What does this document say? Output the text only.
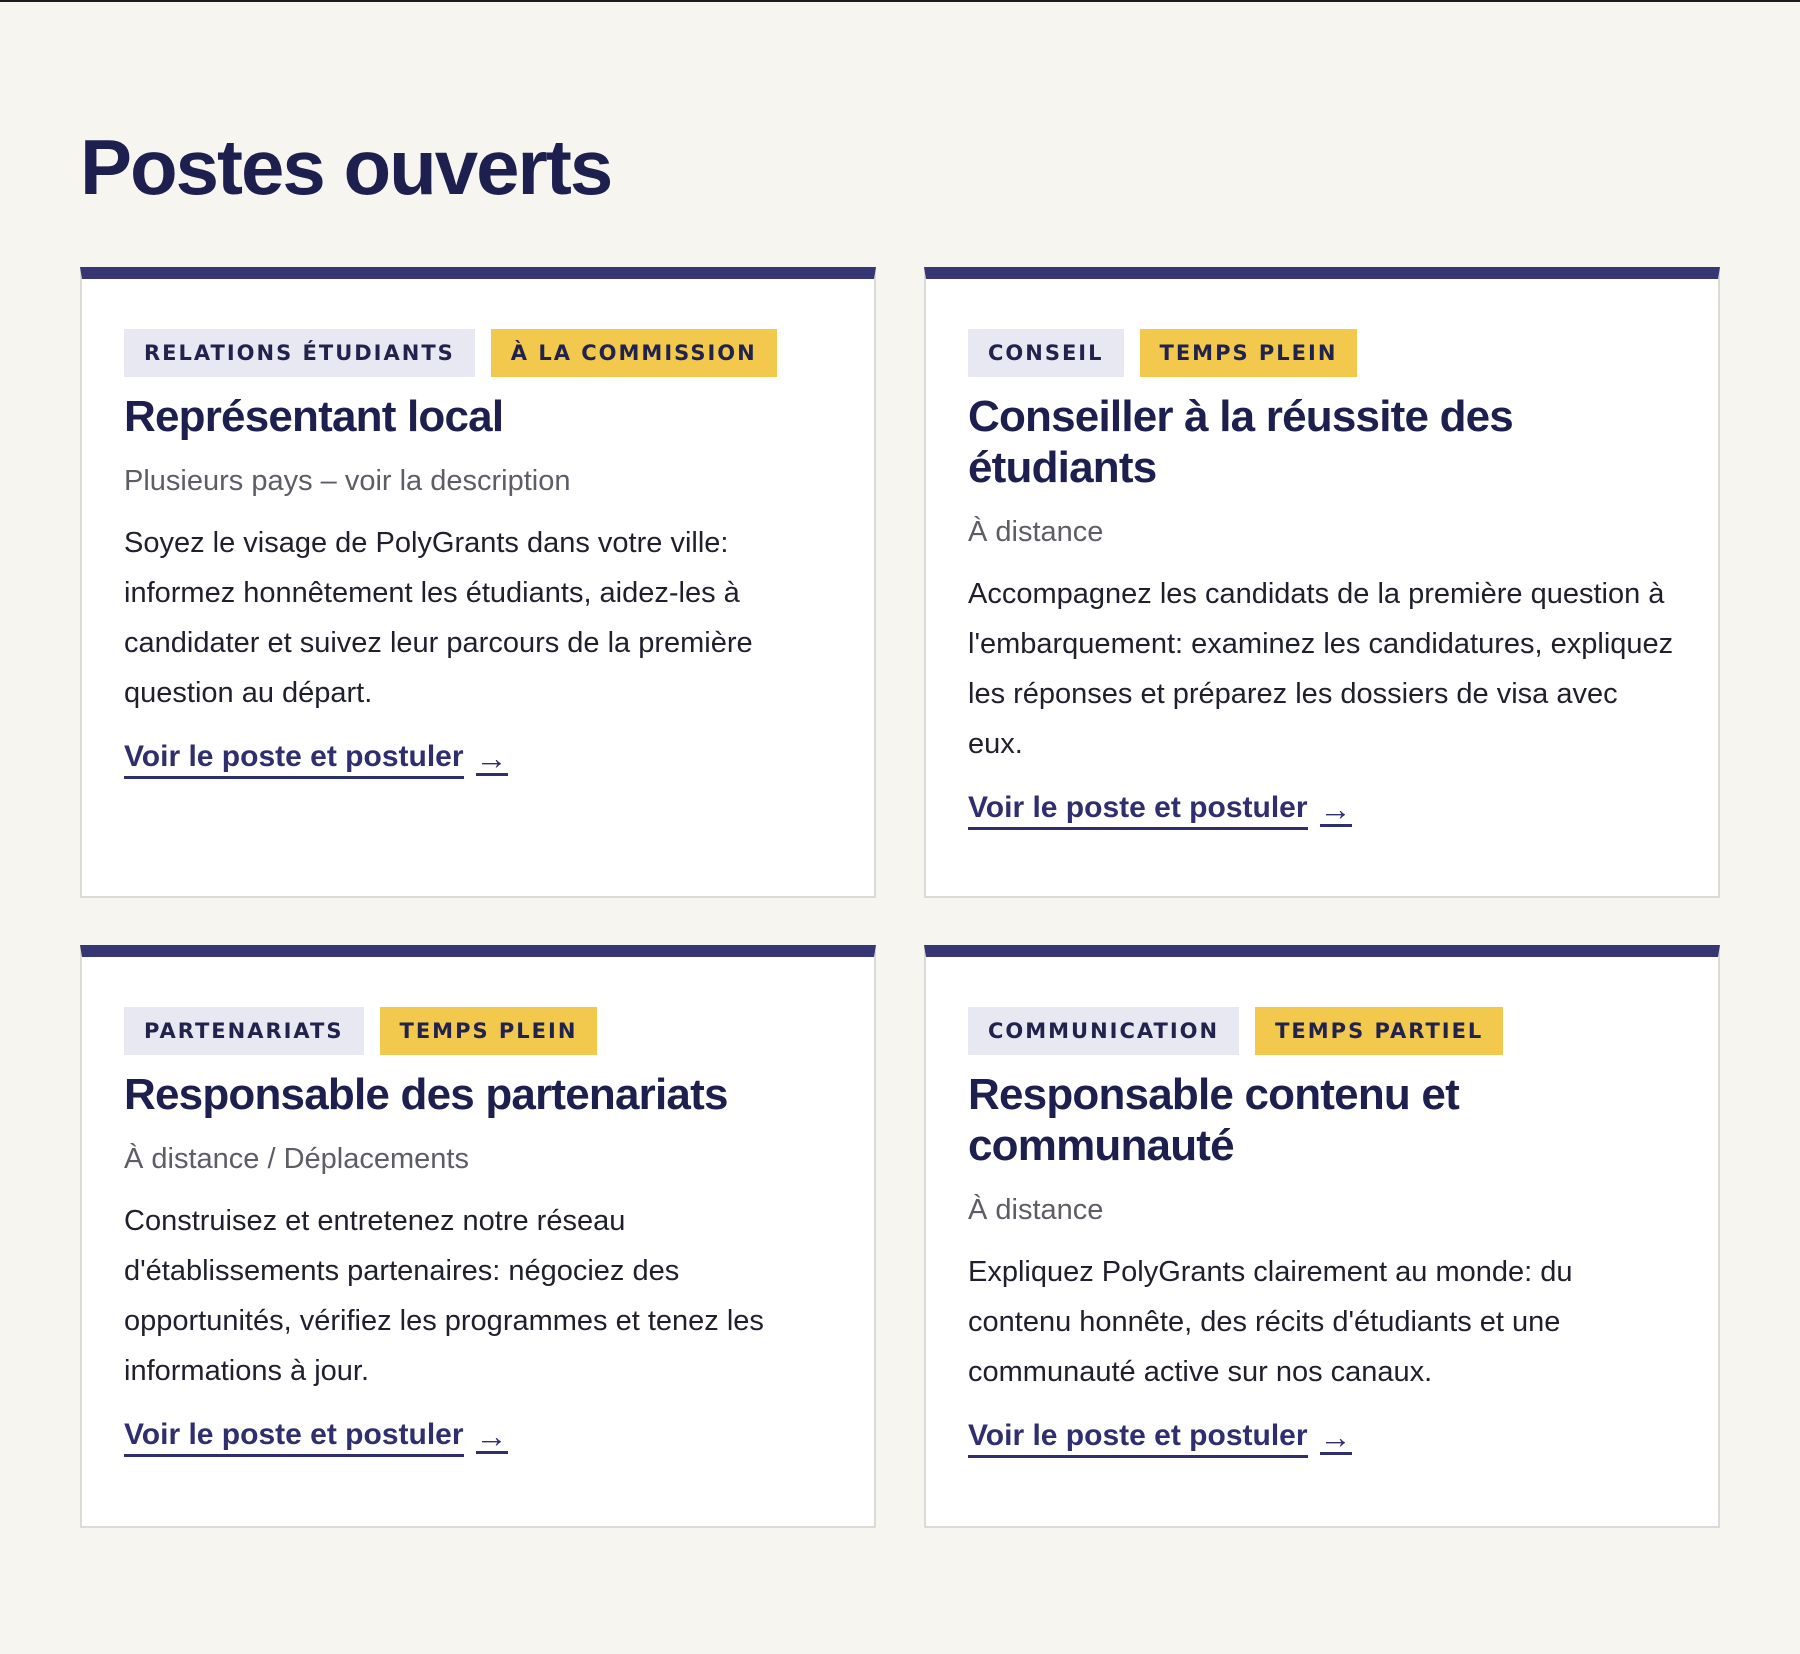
Postes ouverts
RELATIONS ÉTUDIANTS	À LA COMMISSION
Représentant local
Plusieurs pays – voir la description
Soyez le visage de PolyGrants dans votre ville: informez honnêtement les étudiants, aidez-les à candidater et suivez leur parcours de la première question au départ.
Voir le poste et postuler →
CONSEIL	TEMPS PLEIN
Conseiller à la réussite des étudiants
À distance
Accompagnez les candidats de la première question à l'embarquement: examinez les candidatures, expliquez les réponses et préparez les dossiers de visa avec eux.
Voir le poste et postuler →
PARTENARIATS	TEMPS PLEIN
Responsable des partenariats
À distance / Déplacements
Construisez et entretenez notre réseau d'établissements partenaires: négociez des opportunités, vérifiez les programmes et tenez les informations à jour.
Voir le poste et postuler →
COMMUNICATION	TEMPS PARTIEL
Responsable contenu et communauté
À distance
Expliquez PolyGrants clairement au monde: du contenu honnête, des récits d'étudiants et une communauté active sur nos canaux.
Voir le poste et postuler →
